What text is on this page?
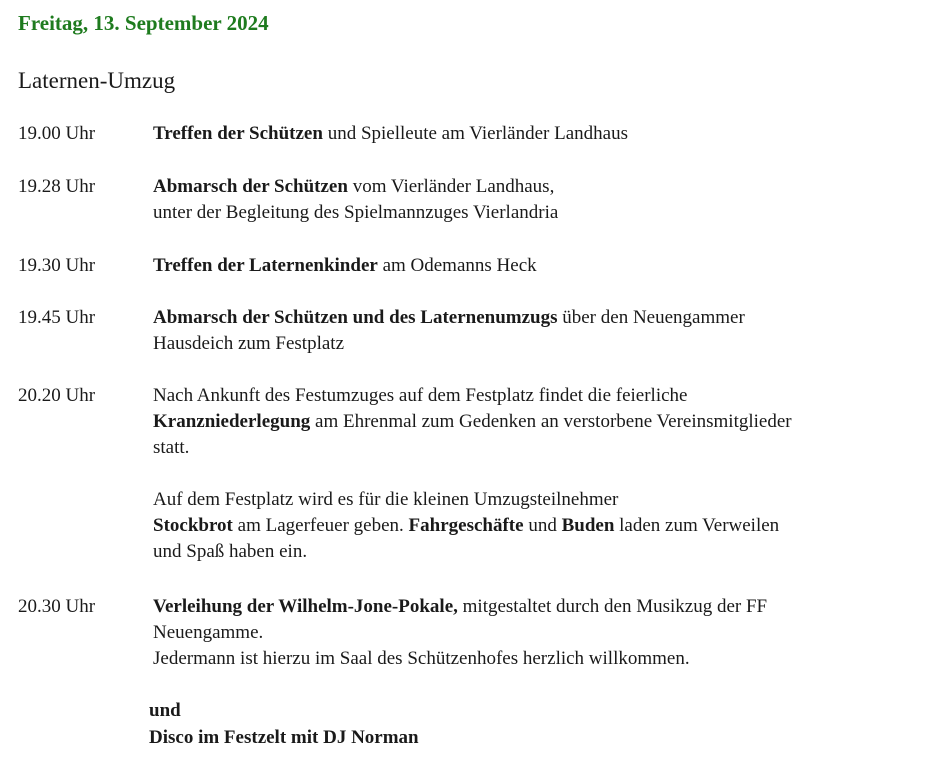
Freitag, 13. September 2024
Laternen-Umzug
19.00 Uhr	Treffen der Schützen und Spielleute am Vierländer Landhaus
19.28 Uhr	Abmarsch der Schützen vom Vierländer Landhaus,
unter der Begleitung des Spielmannzuges Vierlandria
19.30 Uhr	Treffen der Laternenkinder am Odemanns Heck
19.45 Uhr	Abmarsch der Schützen und des Laternenumzugs über den Neuengammer
Hausdeich zum Festplatz
20.20 Uhr	Nach Ankunft des Festumzuges auf dem Festplatz findet die feierliche
Kranzniederlegung am Ehrenmal zum Gedenken an verstorbene Vereinsmitglieder
statt.

Auf dem Festplatz wird es für die kleinen Umzugsteilnehmer
Stockbrot am Lagerfeuer geben. Fahrgeschäfte und Buden laden zum Verweilen
und Spaß haben ein.
20.30 Uhr	Verleihung der Wilhelm-Jone-Pokale, mitgestaltet durch den Musikzug der FF
Neuengamme.
Jedermann ist hierzu im Saal des Schützenhofes herzlich willkommen.
und
Disco im Festzelt mit DJ Norman
